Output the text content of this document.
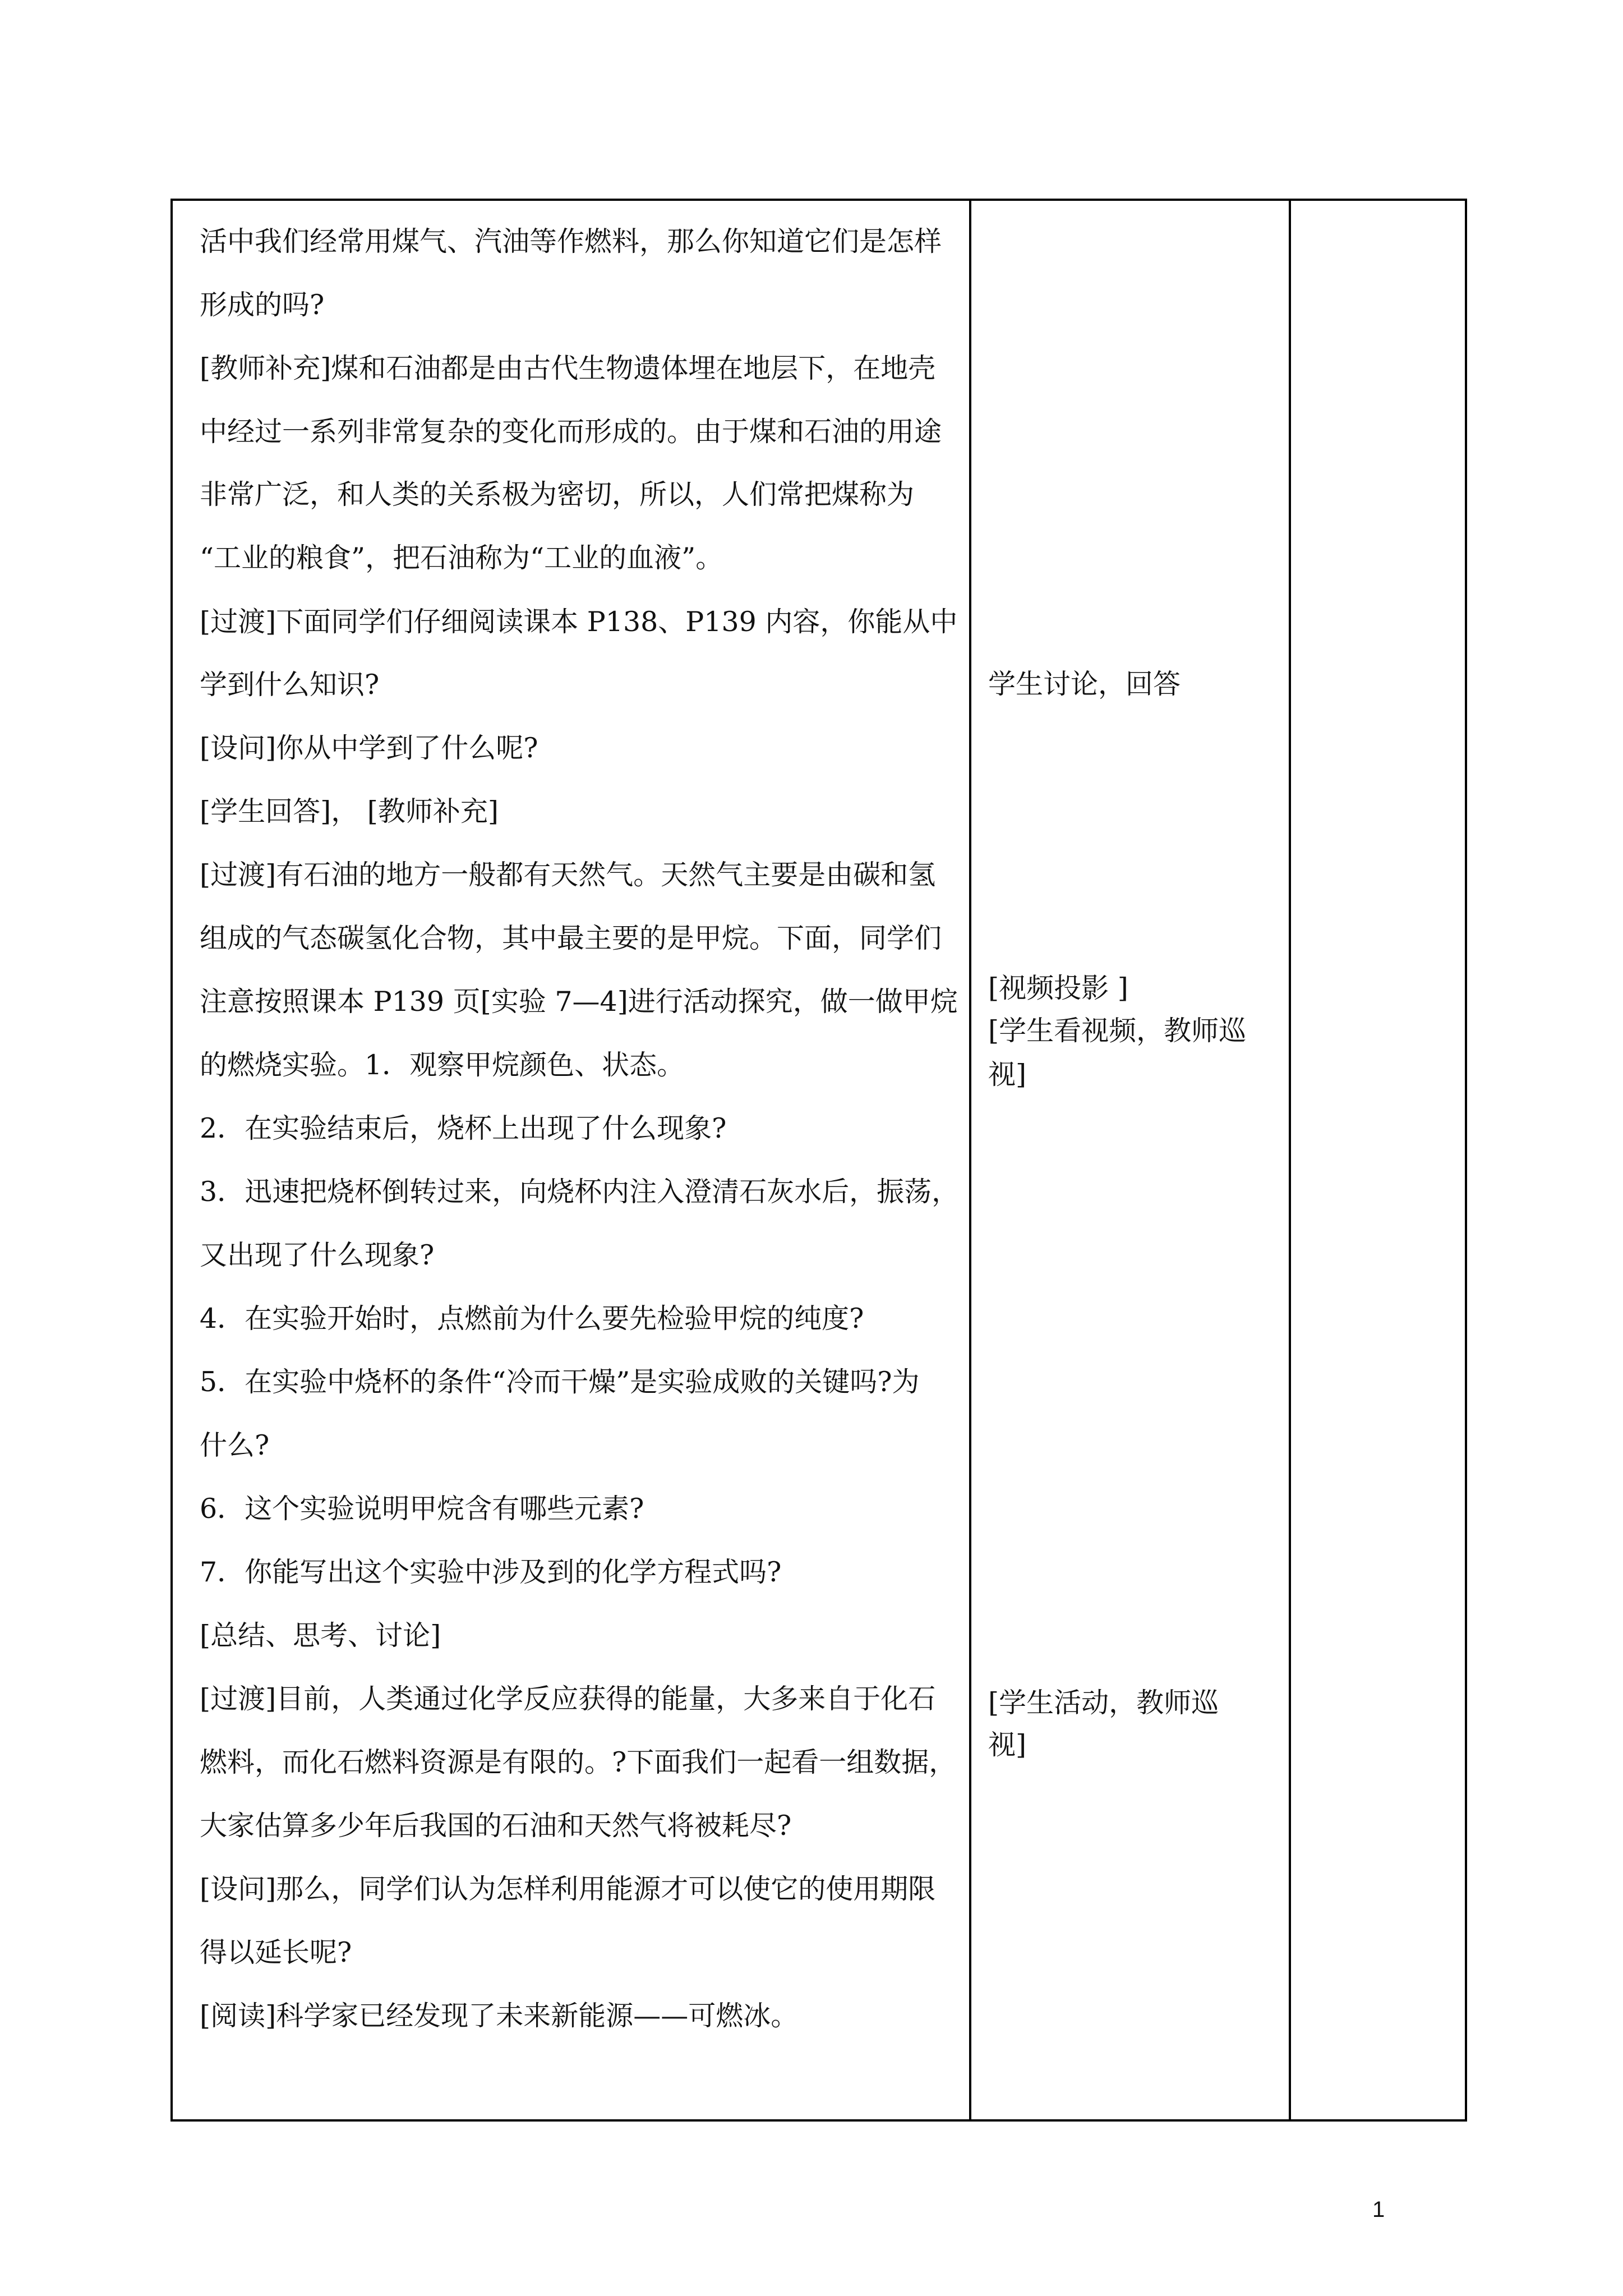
活中我们经常用煤气、汽油等作燃料，那么你知道它们是怎样
形成的吗?
[教师补充]煤和石油都是由古代生物遗体埋在地层下，在地壳
中经过一系列非常复杂的变化而形成的。由于煤和石油的用途
非常广泛，和人类的关系极为密切，所以，人们常把煤称为
“工业的粮食”，把石油称为“工业的血液”。
[过渡]下面同学们仔细阅读课本 P138、P139 内容，你能从中
学到什么知识?
[设问]你从中学到了什么呢?
[学生回答]， [教师补充]
[过渡]有石油的地方一般都有天然气。天然气主要是由碳和氢
组成的气态碳氢化合物，其中最主要的是甲烷。下面，同学们
注意按照课本 P139 页[实验 7—4]进行活动探究，做一做甲烷
的燃烧实验。1．观察甲烷颜色、状态。
2．在实验结束后，烧杯上出现了什么现象?
3．迅速把烧杯倒转过来，向烧杯内注入澄清石灰水后，振荡，
又出现了什么现象?
4．在实验开始时，点燃前为什么要先检验甲烷的纯度?
5．在实验中烧杯的条件“冷而干燥”是实验成败的关键吗?为
什么?
6．这个实验说明甲烷含有哪些元素?
7．你能写出这个实验中涉及到的化学方程式吗?
[总结、思考、讨论]
[过渡]目前，人类通过化学反应获得的能量，大多来自于化石
燃料，而化石燃料资源是有限的。?下面我们一起看一组数据，
大家估算多少年后我国的石油和天然气将被耗尽?
[设问]那么，同学们认为怎样利用能源才可以使它的使用期限
得以延长呢?
[阅读]科学家已经发现了未来新能源——可燃冰。
学生讨论，回答
[视频投影 ]
[学生看视频，教师巡
视]
[学生活动，教师巡
视]
1
